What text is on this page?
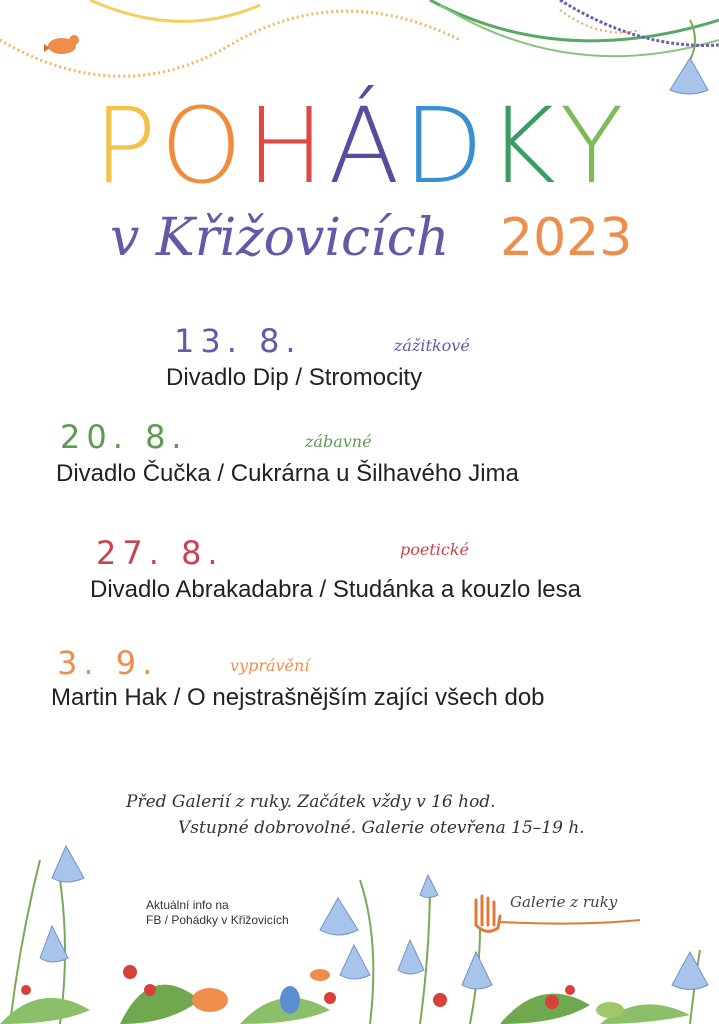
P O H Á D K Y
v Křižovicích 2023
13. 8.	zážitkové
Divadlo Dip / Stromocity
20. 8.	zábavné
Divadlo Čučka / Cukrárna u Šilhavého Jima
27. 8.	poetické
Divadlo Abrakadabra / Studánka a kouzlo lesa
3. 9.	vyprávění
Martin Hak / O nejstrašnějším zajíci všech dob
Před Galerií z ruky. Začátek vždy v 16 hod.
Vstupné dobrovolné. Galerie otevřena 15–19 h.
Aktuální info na
FB / Pohádky v Křižovicích
Galerie z ruky
